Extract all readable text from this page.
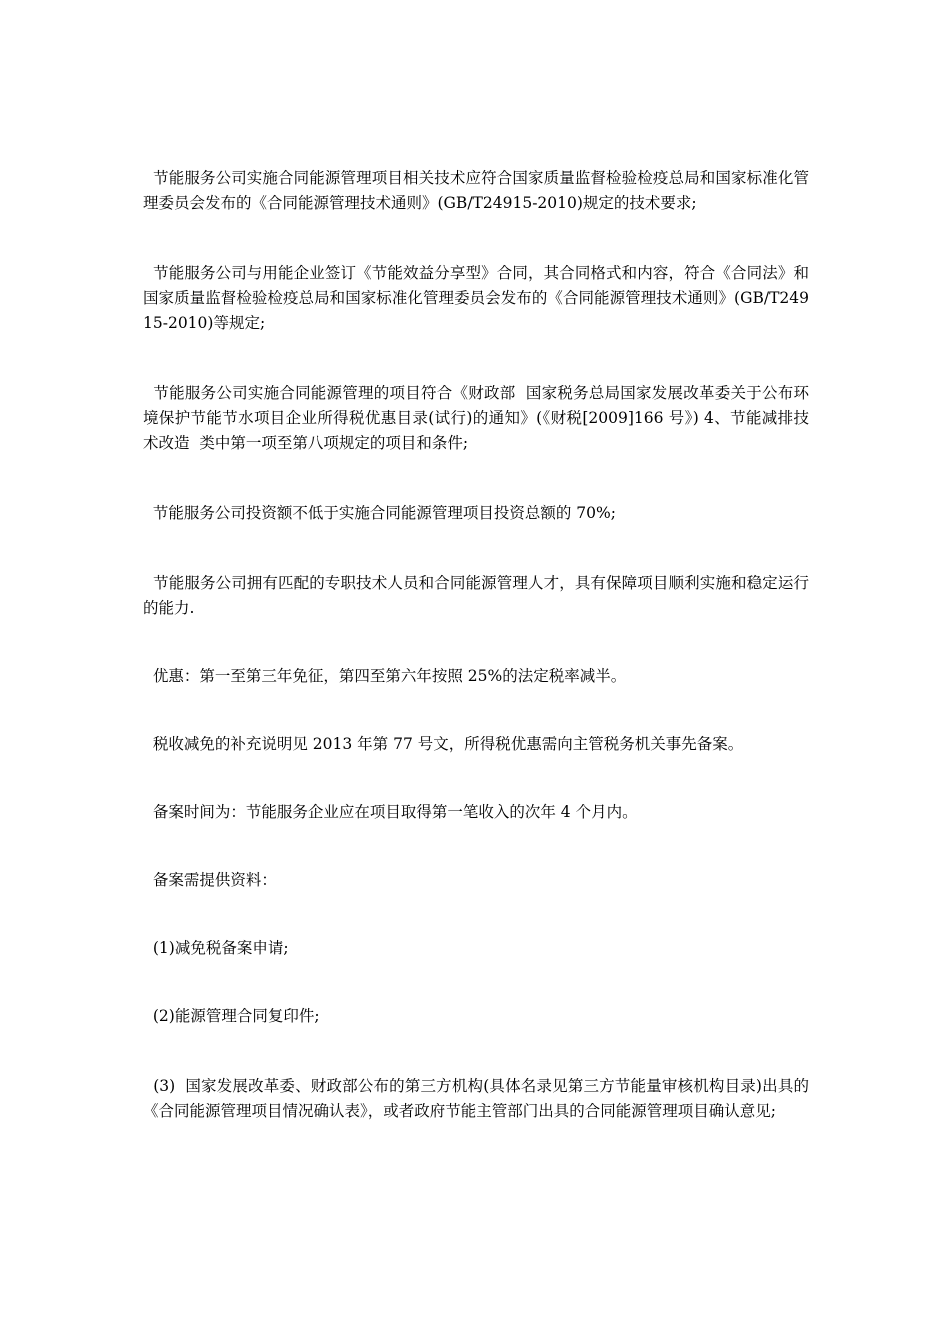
节能服务公司实施合同能源管理项目相关技术应符合国家质量监督检验检疫总局和国家标准化管理委员会发布的《合同能源管理技术通则》(GB/T24915-2010)规定的技术要求;

节能服务公司与用能企业签订《节能效益分享型》合同，其合同格式和内容，符合《合同法》和国家质量监督检验检疫总局和国家标准化管理委员会发布的《合同能源管理技术通则》(GB/T24915-2010)等规定;

节能服务公司实施合同能源管理的项目符合《财政部  国家税务总局国家发展改革委关于公布环境保护节能节水项目企业所得税优惠目录(试行)的通知》(《财税[2009]166 号》) 4、节能减排技术改造  类中第一项至第八项规定的项目和条件;

节能服务公司投资额不低于实施合同能源管理项目投资总额的 70%;

节能服务公司拥有匹配的专职技术人员和合同能源管理人才，具有保障项目顺利实施和稳定运行的能力.

优惠：第一至第三年免征，第四至第六年按照 25%的法定税率减半。

税收减免的补充说明见 2013 年第 77 号文，所得税优惠需向主管税务机关事先备案。

备案时间为：节能服务企业应在项目取得第一笔收入的次年 4 个月内。

备案需提供资料：

(1)减免税备案申请;

(2)能源管理合同复印件;

(3)  国家发展改革委、财政部公布的第三方机构(具体名录见第三方节能量审核机构目录)出具的《合同能源管理项目情况确认表》，或者政府节能主管部门出具的合同能源管理项目确认意见;
